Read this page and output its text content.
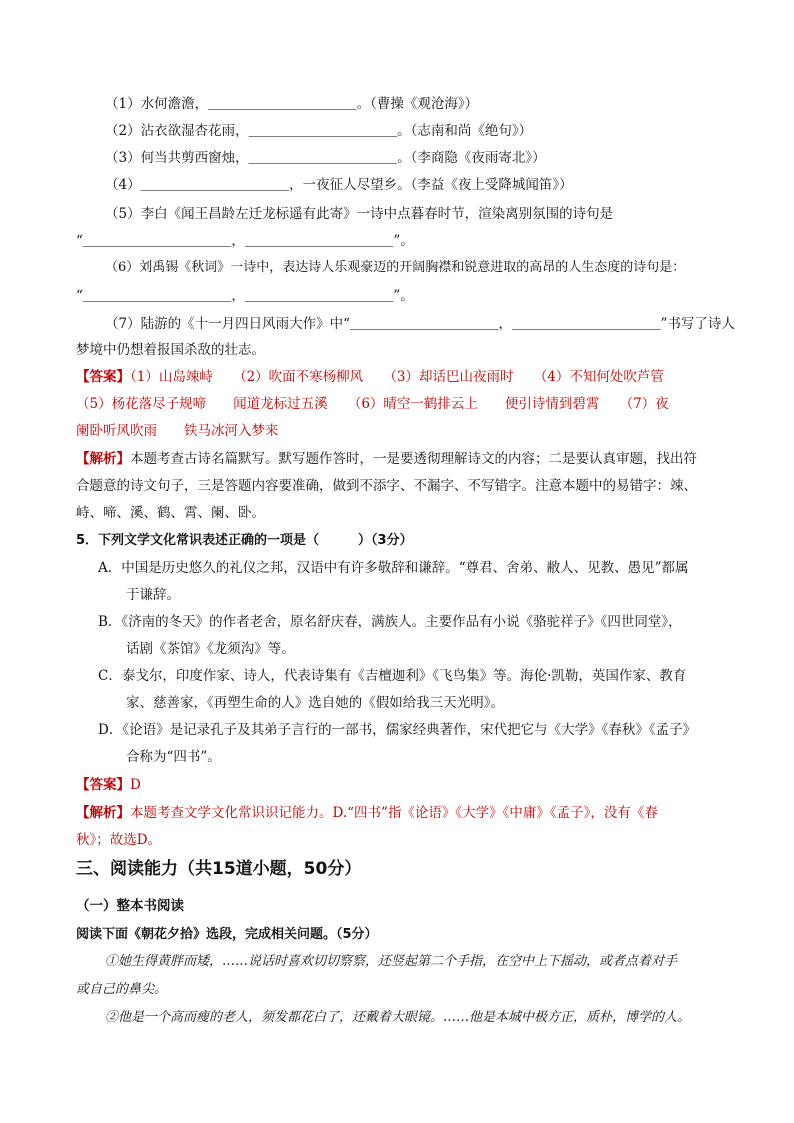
（1）水何澹澹，＿＿＿＿＿＿＿＿＿＿＿。（曹操《观沧海》）
（2）沾衣欲湿杏花雨，＿＿＿＿＿＿＿＿＿＿＿。（志南和尚《绝句》）
（3）何当共剪西窗烛，＿＿＿＿＿＿＿＿＿＿＿。（李商隐《夜雨寄北》）
（4）＿＿＿＿＿＿＿＿＿＿＿，一夜征人尽望乡。（李益《夜上受降城闻笛》）
（5）李白《闻王昌龄左迁龙标遥有此寄》一诗中点暮春时节，渲染离别氛围的诗句是
“＿＿＿＿＿＿＿＿＿＿＿，＿＿＿＿＿＿＿＿＿＿＿”。
（6）刘禹锡《秋词》一诗中，表达诗人乐观豪迈的开阔胸襟和锐意进取的高昂的人生态度的诗句是：
“＿＿＿＿＿＿＿＿＿＿＿，＿＿＿＿＿＿＿＿＿＿＿”。
（7）陆游的《十一月四日风雨大作》中“＿＿＿＿＿＿＿＿＿＿＿，＿＿＿＿＿＿＿＿＿＿＿”书写了诗人
梦境中仍想着报国杀敌的壮志。
【答案】（1）山岛竦峙　　（2）吹面不寒杨柳风　　（3）却话巴山夜雨时　　（4）不知何处吹芦管
（5）杨花落尽子规啼　　闻道龙标过五溪　　（6）晴空一鹤排云上　　便引诗情到碧霄　　（7）夜
阑卧听风吹雨　　铁马冰河入梦来
【解析】本题考查古诗名篇默写。默写题作答时，一是要透彻理解诗文的内容；二是要认真审题，找出符
合题意的诗文句子，三是答题内容要准确，做到不添字、不漏字、不写错字。注意本题中的易错字：竦、
峙、啼、溪、鹤、霄、阑、卧。
5．下列文学文化常识表述正确的一项是（　　　）（3分）
A．中国是历史悠久的礼仪之邦，汉语中有许多敬辞和谦辞。“尊君、舍弟、敝人、见教、愚见”都属
于谦辞。
B．《济南的冬天》的作者老舍，原名舒庆春，满族人。主要作品有小说《骆驼祥子》《四世同堂》，
话剧《茶馆》《龙须沟》等。
C．泰戈尔，印度作家、诗人，代表诗集有《吉檀迦利》《飞鸟集》等。海伦·凯勒，英国作家、教育
家、慈善家，《再塑生命的人》选自她的《假如给我三天光明》。
D．《论语》是记录孔子及其弟子言行的一部书，儒家经典著作，宋代把它与《大学》《春秋》《孟子》
合称为“四书”。
【答案】D
【解析】本题考查文学文化常识识记能力。D.“四书”指《论语》《大学》《中庸》《孟子》，没有《春
秋》；故选D。
三、阅读能力（共15道小题，50分）
（一）整本书阅读
阅读下面《朝花夕拾》选段，完成相关问题。（5分）
①她生得黄胖而矮，……说话时喜欢切切察察，还竖起第二个手指，在空中上下摇动，或者点着对手
或自己的鼻尖。
②他是一个高而瘦的老人，须发都花白了，还戴着大眼镜。……他是本城中极方正，质朴，博学的人。
